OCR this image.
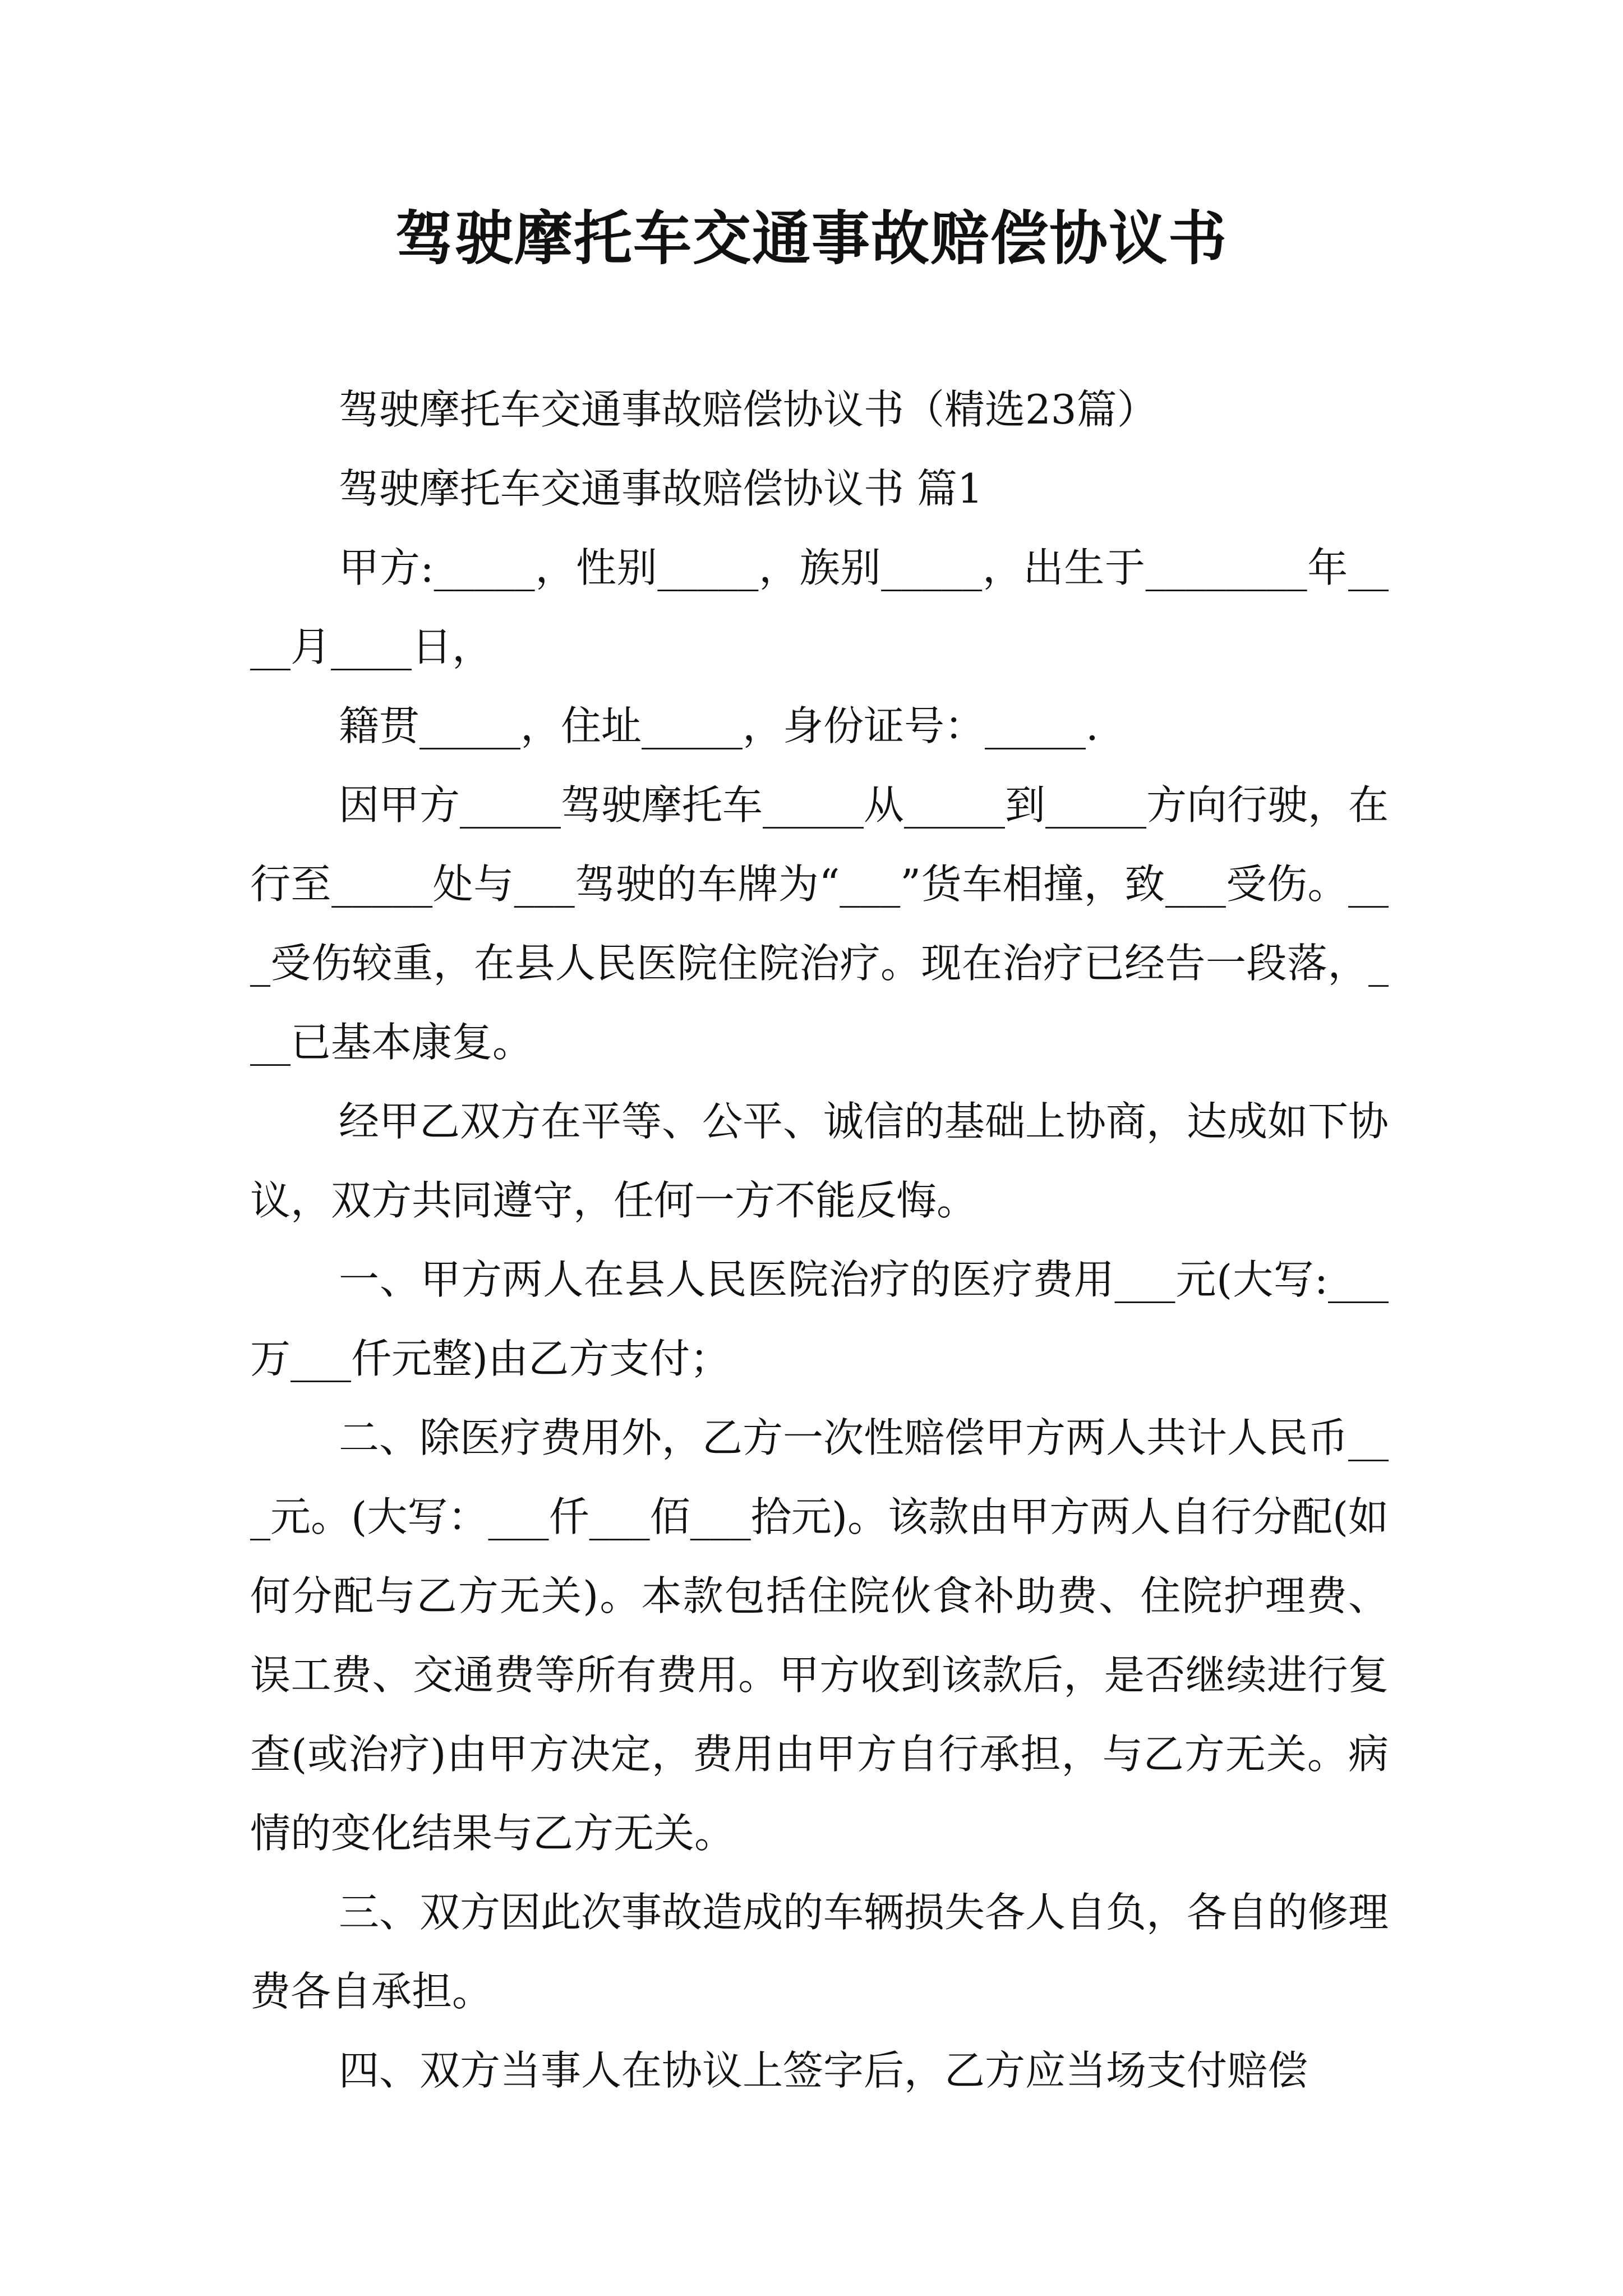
驾驶摩托车交通事故赔偿协议书

驾驶摩托车交通事故赔偿协议书（精选23篇）

驾驶摩托车交通事故赔偿协议书 篇1

甲方:_____，性别_____，族别_____，出生于________年____月____日，

籍贯_____，住址_____，身份证号：_____.

因甲方_____驾驶摩托车_____从_____到_____方向行驶，在行至_____处与___驾驶的车牌为“___”货车相撞，致___受伤。___受伤较重，在县人民医院住院治疗。现在治疗已经告一段落，___已基本康复。

经甲乙双方在平等、公平、诚信的基础上协商，达成如下协议，双方共同遵守，任何一方不能反悔。

一、甲方两人在县人民医院治疗的医疗费用___元(大写:___万___仟元整)由乙方支付；

二、除医疗费用外，乙方一次性赔偿甲方两人共计人民币___元。(大写：___仟___佰___拾元)。该款由甲方两人自行分配(如何分配与乙方无关)。本款包括住院伙食补助费、住院护理费、误工费、交通费等所有费用。甲方收到该款后，是否继续进行复查(或治疗)由甲方决定，费用由甲方自行承担，与乙方无关。病情的变化结果与乙方无关。

三、双方因此次事故造成的车辆损失各人自负，各自的修理费各自承担。

四、双方当事人在协议上签字后，乙方应当场支付赔偿
